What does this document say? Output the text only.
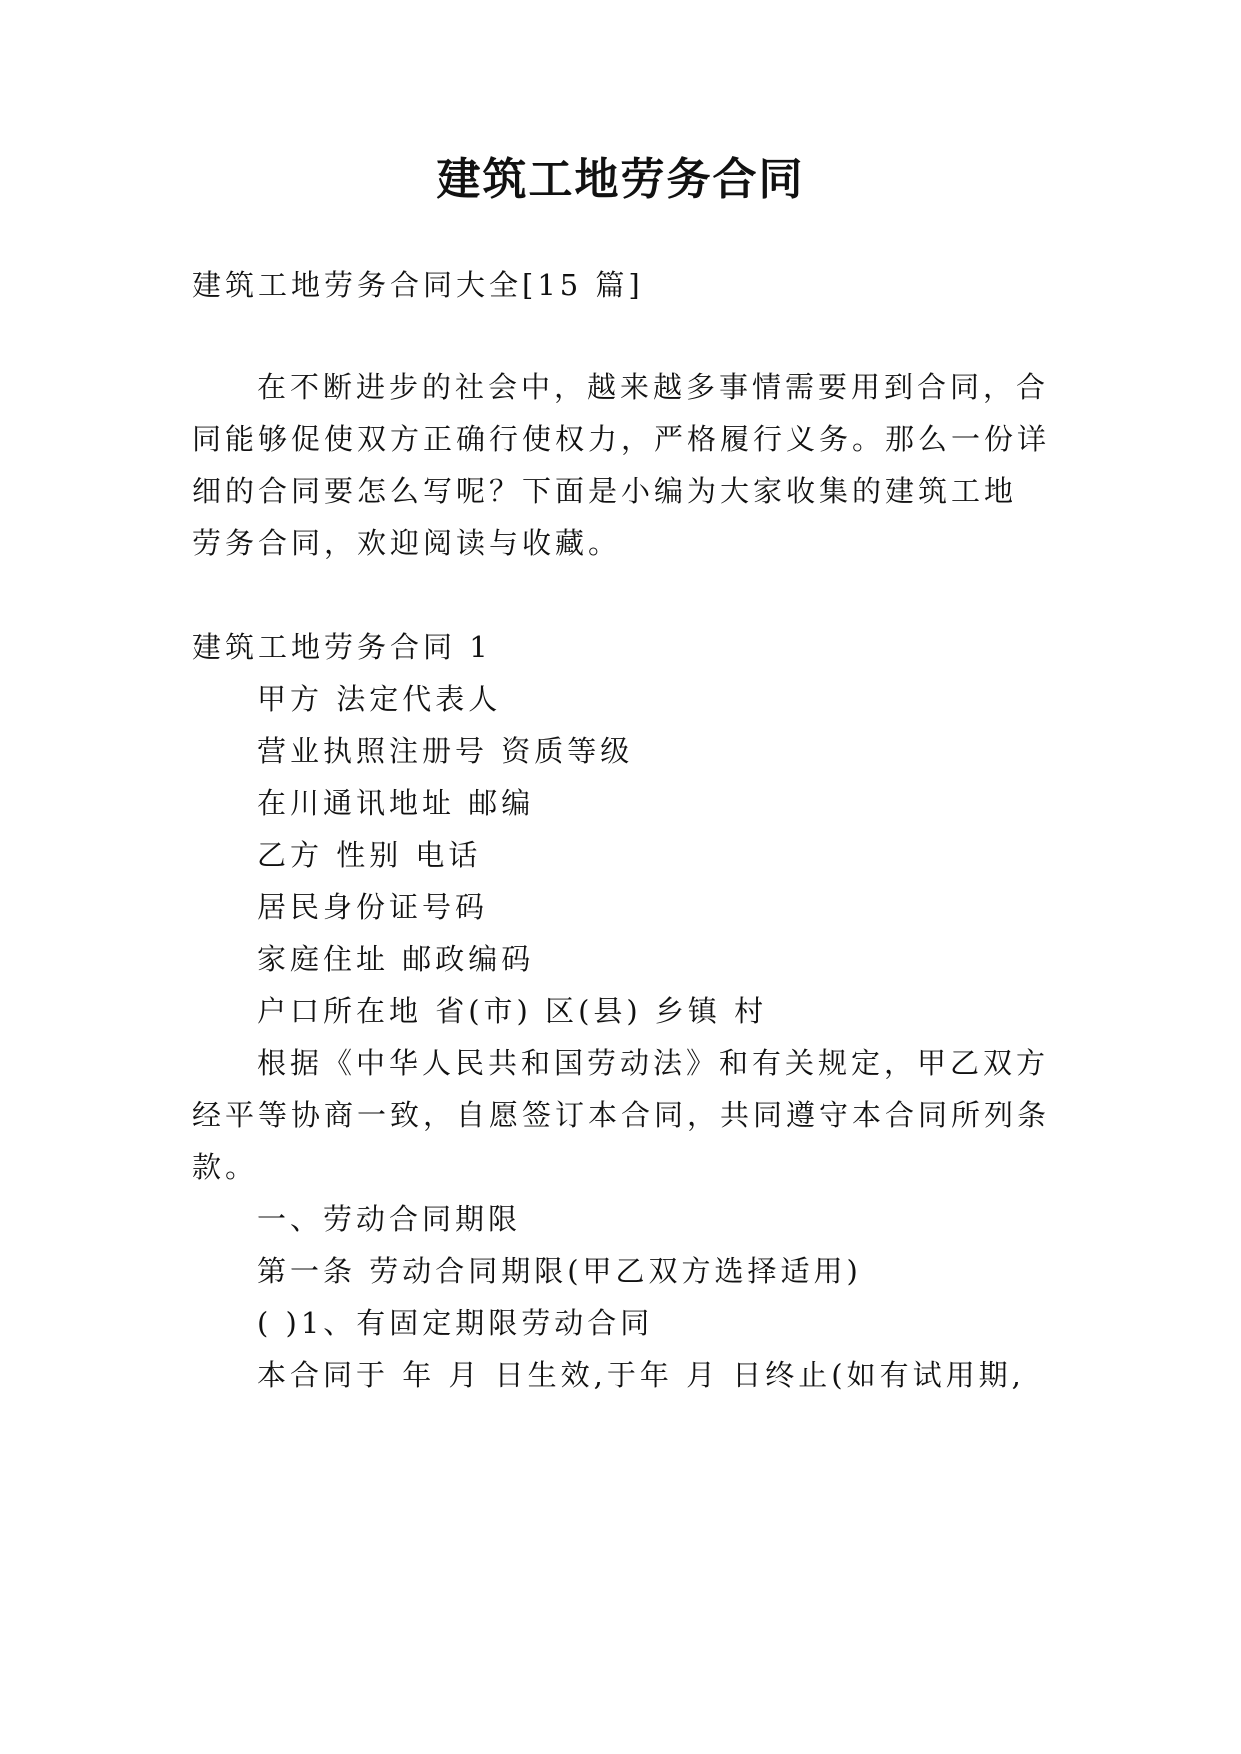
建筑工地劳务合同
建筑工地劳务合同大全[15 篇]
在不断进步的社会中，越来越多事情需要用到合同，合
同能够促使双方正确行使权力，严格履行义务。那么一份详
细的合同要怎么写呢？下面是小编为大家收集的建筑工地
劳务合同，欢迎阅读与收藏。
建筑工地劳务合同 1
甲方 法定代表人
营业执照注册号 资质等级
在川通讯地址 邮编
乙方 性别 电话
居民身份证号码
家庭住址 邮政编码
户口所在地 省(市) 区(县) 乡镇 村
根据《中华人民共和国劳动法》和有关规定，甲乙双方
经平等协商一致，自愿签订本合同，共同遵守本合同所列条
款。
一、劳动合同期限
第一条 劳动合同期限(甲乙双方选择适用)
( )1、有固定期限劳动合同
本合同于 年 月 日生效,于年 月 日终止(如有试用期,
